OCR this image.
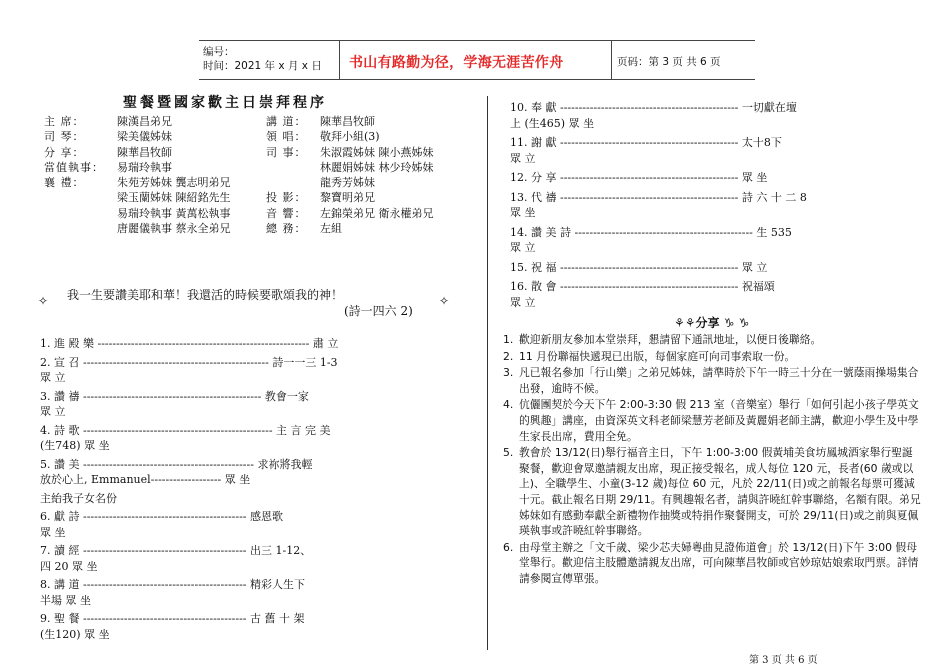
编号：
时间：2021 年 x 月 x 日 书山有路勤为径，学海无涯苦作舟	页码：第 3 页 共 6 页
聖餐暨國家歡主日崇拜程序
主 席：	陳漢昌弟兄	講 道： 陳華昌牧師
司 琴：	梁美儀姊妹	領 唱： 敬拜小組(3)
分 享：	陳華昌牧師	司 事： 朱淑霞姊妹 陳小燕姊妹
當值執事： 易瑞玲執事	林麗娟姊妹 林少玲姊妹
襄 禮：	朱苑芳姊妹 龔志明弟兄	龍秀芳姊妹
梁玉蘭姊妹 陳紹銘先生	投 影： 黎寶明弟兄
易瑞玲執事 黃萬松執事	音 響： 左錦榮弟兄 衛永權弟兄
唐麗儀執事 蔡永全弟兄	總 務： 左組
✧ 我一生要讚美耶和華！我還活的時候要歌頌我的神！	✧
(詩一四六 2)
1. 進 殿 樂 --------------------------------------------------------- 肅 立
2. 宣 召 -------------------------------------------------- 詩一一三 1-3
眾 立
3. 讚 禱 ------------------------------------------------ 教會一家
眾 立
4. 詩 歌 --------------------------------------------------- 主 言 完 美
(生748) 眾 坐
5. 讚 美 ---------------------------------------------- 求祢將我輕
放於心上, Emmanuel------------------- 眾 坐
主紿我子女名份
6. 獻 詩 -------------------------------------------- 感恩歌
眾 坐
7. 讀 經 -------------------------------------------- 出三 1-12、
四 20 眾 坐
8. 講 道 -------------------------------------------- 精彩人生下
半場 眾 坐
9. 聖 餐 -------------------------------------------- 古 舊 十 架
(生120) 眾 坐
10. 奉 獻 ------------------------------------------------ 一切獻在壇
上 (生465) 眾 坐
11. 謝 獻 ------------------------------------------------ 太十8下
眾 立
12. 分 享 ------------------------------------------------ 眾 坐
13. 代 禱 ------------------------------------------------ 詩 六 十 二 8
眾 坐
14. 讚 美 詩 ------------------------------------------------ 生 535
眾 立
15. 祝 福 ------------------------------------------------ 眾 立
16. 散 會 ------------------------------------------------ 祝福頌
眾 立
⚘⚘分享 ♑ ♑
1. 歡迎新朋友參加本堂崇拜，懇請留下通訊地址，以便日後聯絡。
2. 11 月份聯福快遞現已出版，每個家庭可向司事索取一份。
3. 凡已報名參加「行山樂」之弟兄姊妹，請準時於下午一時三十分在一號蔭雨操場集合出發，逾時不候。
4. 伉儷團契於今天下午 2:00-3:30 假 213 室（音樂室）舉行「如何引起小孩子學英文的興趣」講座，由資深英文科老師梁慧芳老師及黃麗娟老師主講，歡迎小學生及中學生家長出席，費用全免。
5. 教會於 13/12(日)舉行福音主日，下午 1:00-3:00 假黃埔美食坊鳳城酒家舉行聖誕聚餐，歡迎會眾邀請親友出席，現正接受報名，成人每位 120 元，長者(60 歲或以上)、全職學生、小童(3-12 歲)每位 60 元，凡於 22/11(日)或之前報名每票可獲減十元。截止報名日期 29/11。有興趣報名者，請與許曉紅幹事聯絡，名額有限。弟兄姊妹如有感動奉獻全新禮物作抽獎或特捐作聚餐開支，可於 29/11(日)或之前與夏佩瑛執事或許曉紅幹事聯絡。
6. 由母堂主辦之「文千歲、梁少芯夫婦粵曲見證佈道會」於 13/12(日)下午 3:00 假母堂舉行。歡迎信主肢體邀請親友出席，可向陳華昌牧師或官妙琼姑娘索取門票。詳情請參閱宣傳單張。
第 3 页 共 6 页
